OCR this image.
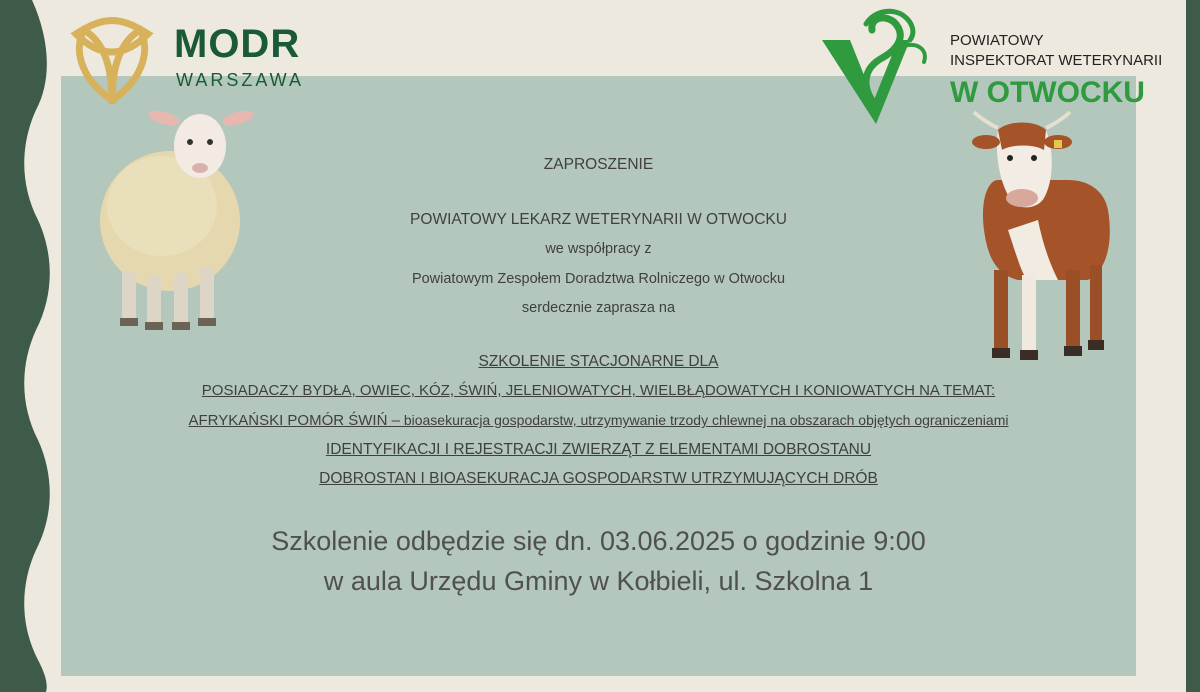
MODR
WARSZAWA
POWIATOWY
INSPEKTORAT WETERYNARII
W OTWOCKU
ZAPROSZENIE
POWIATOWY LEKARZ WETERYNARII W OTWOCKU
we współpracy z
Powiatowym Zespołem Doradztwa Rolniczego w Otwocku
serdecznie zaprasza na
SZKOLENIE STACJONARNE DLA
POSIADACZY BYDŁA, OWIEC, KÓZ, ŚWIŃ, JELENIOWATYCH, WIELBŁĄDOWATYCH I KONIOWATYCH NA TEMAT:
AFRYKAŃSKI POMÓR ŚWIŃ – bioasekuracja gospodarstw, utrzymywanie trzody chlewnej na obszarach objętych ograniczeniami
IDENTYFIKACJI I REJESTRACJI ZWIERZĄT Z ELEMENTAMI DOBROSTANU
DOBROSTAN I BIOASEKURACJA GOSPODARSTW UTRZYMUJĄCYCH DRÓB
Szkolenie odbędzie się dn. 03.06.2025 o godzinie 9:00
w aula Urzędu Gminy w Kołbieli, ul. Szkolna 1
